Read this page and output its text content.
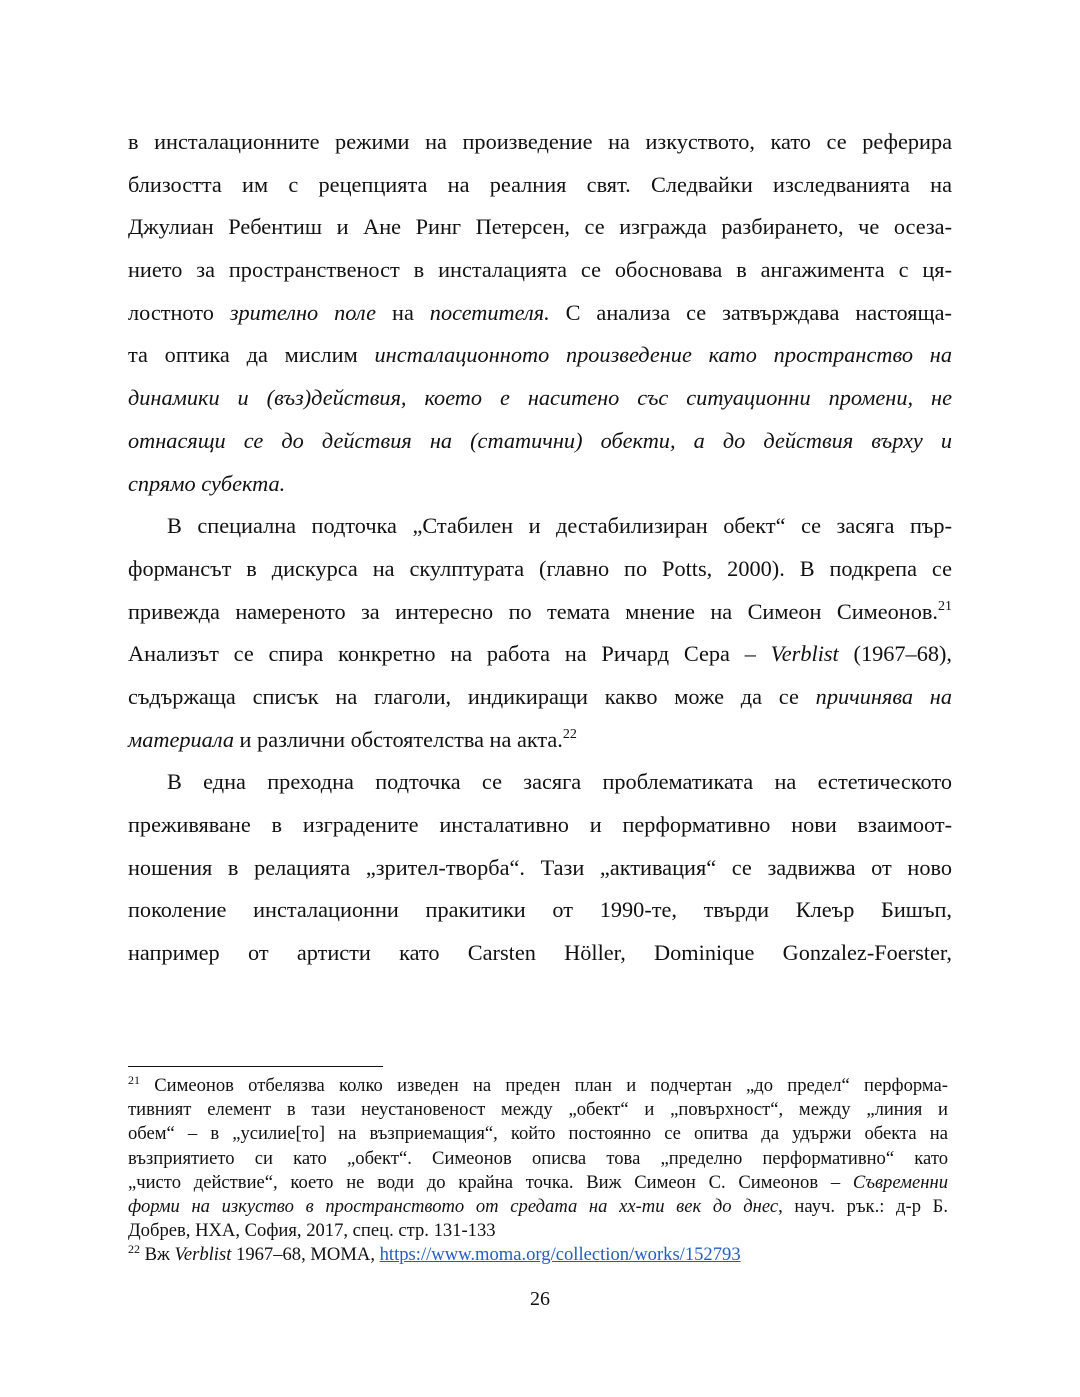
в инсталационните режими на произведение на изкуството, като се реферира
близостта им с рецепцията на реалния свят. Следвайки изследванията на
Джулиан Ребентиш и Ане Ринг Петерсен, се изгражда разбирането, че осеза-
нието за пространственост в инсталацията се обосновава в ангажимента с ця-
лостното зрително поле на посетителя. С анализа се затвърждава настояща-
та оптика да мислим инсталационното произведение като пространство на
динамики и (въз)действия, което е наситено със ситуационни промени, не
отнасящи се до действия на (статични) обекти, а до действия върху и
спрямо субекта.
В специална подточка „Стабилен и дестабилизиран обект“ се засяга пър-
формансът в дискурса на скулптурата (главно по Potts, 2000). В подкрепа се
привежда намереното за интересно по темата мнение на Симеон Симеонов.$^{21}$
Анализът се спира конкретно на работа на Ричард Сера – Verblist (1967–68),
съдържаща списък на глаголи, индикиращи какво може да се причинява на
материала и различни обстоятелства на акта.$^{22}$
В една преходна подточка се засяга проблематиката на естетическото
преживяване в изградените инсталативно и перформативно нови взаимоот-
ношения в релацията „зрител-творба“. Тази „активация“ се задвижва от ново
поколение инсталационни пракитики от 1990-те, твърди Клеър Бишъп,
например от артисти като Carsten Höller, Dominique Gonzalez-Foerster,
$^{21}$ Симеонов отбелязва колко изведен на преден план и подчертан „до предел“ перформа-
тивният елемент в тази неустановеност между „обект“ и „повърхност“, между „линия и
обем“ – в „усилие[то] на възприемащия“, който постоянно се опитва да удържи обекта на
възприятието си като „обект“. Симеонов описва това „пределно перформативно“ като
„чисто действие“, което не води до крайна точка. Виж Симеон С. Симеонов – Съвременни
форми на изкуство в пространството от средата на хх-ти век до днес, науч. рък.: д-р Б.
Добрев, НХА, София, 2017, спец. стр. 131-133
$^{22}$ Вж Verblist 1967–68, MOMA, https://www.moma.org/collection/works/152793
26
